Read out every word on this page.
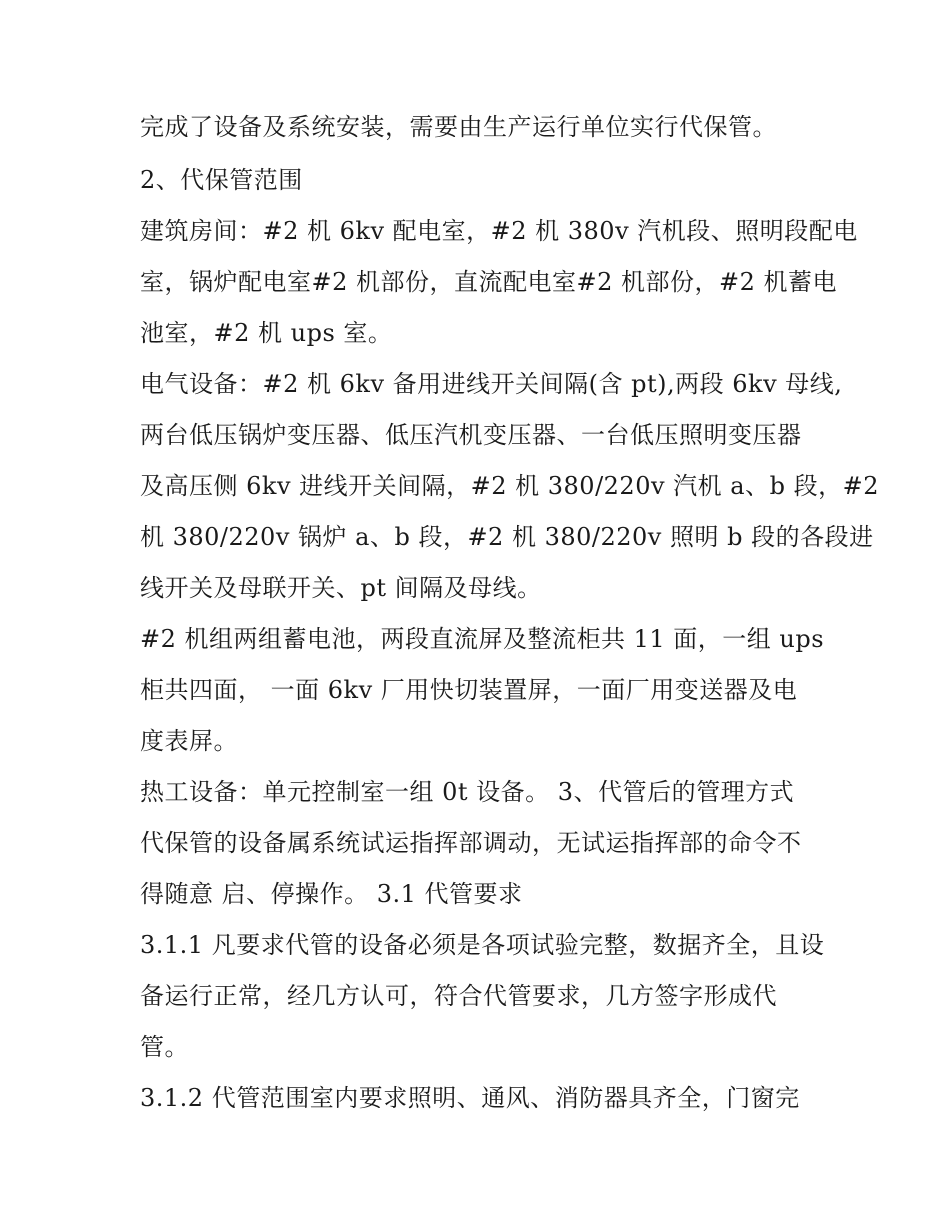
完成了设备及系统安装，需要由生产运行单位实行代保管。

2、代保管范围

建筑房间：#2 机 6kv 配电室，#2 机 380v 汽机段、照明段配电

室，锅炉配电室#2 机部份，直流配电室#2 机部份，#2 机蓄电

池室，#2 机 ups 室。

电气设备：#2 机 6kv 备用进线开关间隔(含 pt),两段 6kv 母线,

两台低压锅炉变压器、低压汽机变压器、一台低压照明变压器

及高压侧 6kv 进线开关间隔，#2 机 380/220v 汽机 a、b 段，#2

机 380/220v 锅炉 a、b 段，#2 机 380/220v 照明 b 段的各段进

线开关及母联开关、pt 间隔及母线。

#2 机组两组蓄电池，两段直流屏及整流柜共 11 面，一组 ups

柜共四面， 一面 6kv 厂用快切装置屏，一面厂用变送器及电

度表屏。

热工设备：单元控制室一组 0t 设备。 3、代管后的管理方式

代保管的设备属系统试运指挥部调动，无试运指挥部的命令不

得随意 启、停操作。 3.1 代管要求

3.1.1 凡要求代管的设备必须是各项试验完整，数据齐全，且设

备运行正常，经几方认可，符合代管要求，几方签字形成代

管。

3.1.2 代管范围室内要求照明、通风、消防器具齐全，门窗完
